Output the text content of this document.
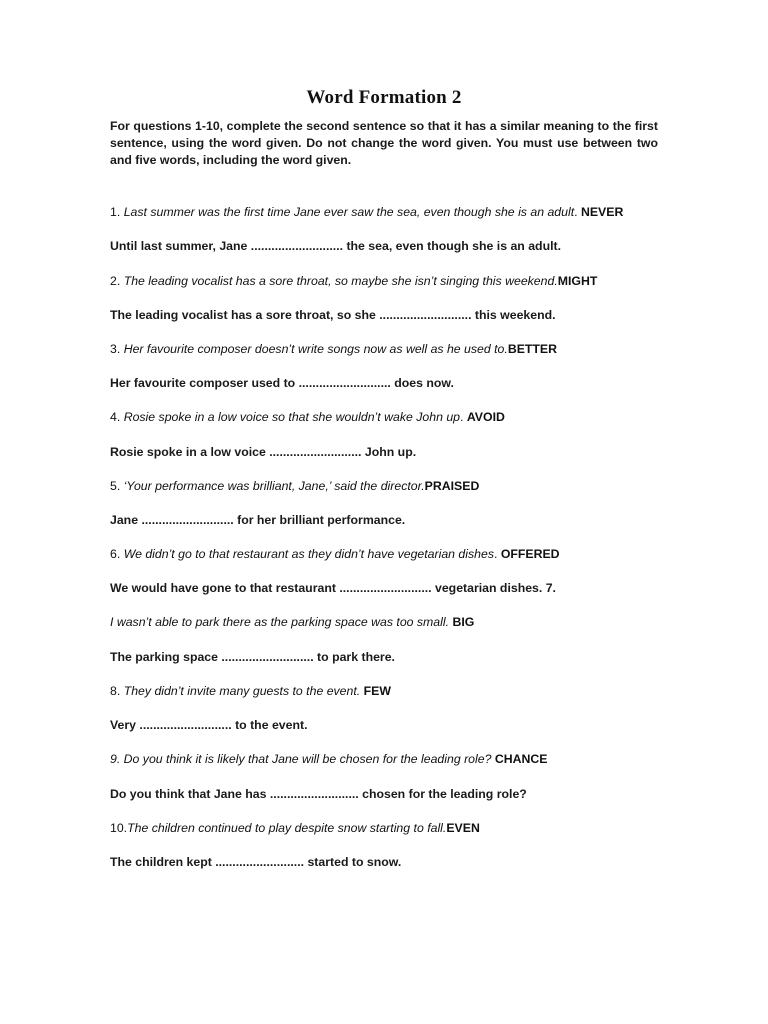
Word Formation 2
For questions 1-10, complete the second sentence so that it has a similar meaning to the first sentence, using the word given. Do not change the word given. You must use between two and five words, including the word given.
1. Last summer was the first time Jane ever saw the sea, even though she is an adult. NEVER
Until last summer, Jane ........................... the sea, even though she is an adult.
2. The leading vocalist has a sore throat, so maybe she isn’t singing this weekend.MIGHT
The leading vocalist has a sore throat, so she ........................... this weekend.
3. Her favourite composer doesn’t write songs now as well as he used to.BETTER
Her favourite composer used to ........................... does now.
4. Rosie spoke in a low voice so that she wouldn’t wake John up. AVOID
Rosie spoke in a low voice ........................... John up.
5. ‘Your performance was brilliant, Jane,’ said the director.PRAISED
Jane ........................... for her brilliant performance.
6. We didn’t go to that restaurant as they didn’t have vegetarian dishes. OFFERED
We would have gone to that restaurant ........................... vegetarian dishes. 7.
I wasn’t able to park there as the parking space was too small. BIG
The parking space ........................... to park there.
8. They didn’t invite many guests to the event. FEW
Very ........................... to the event.
9. Do you think it is likely that Jane will be chosen for the leading role? CHANCE
Do you think that Jane has .......................... chosen for the leading role?
10.The children continued to play despite snow starting to fall.EVEN
The children kept .......................... started to snow.
